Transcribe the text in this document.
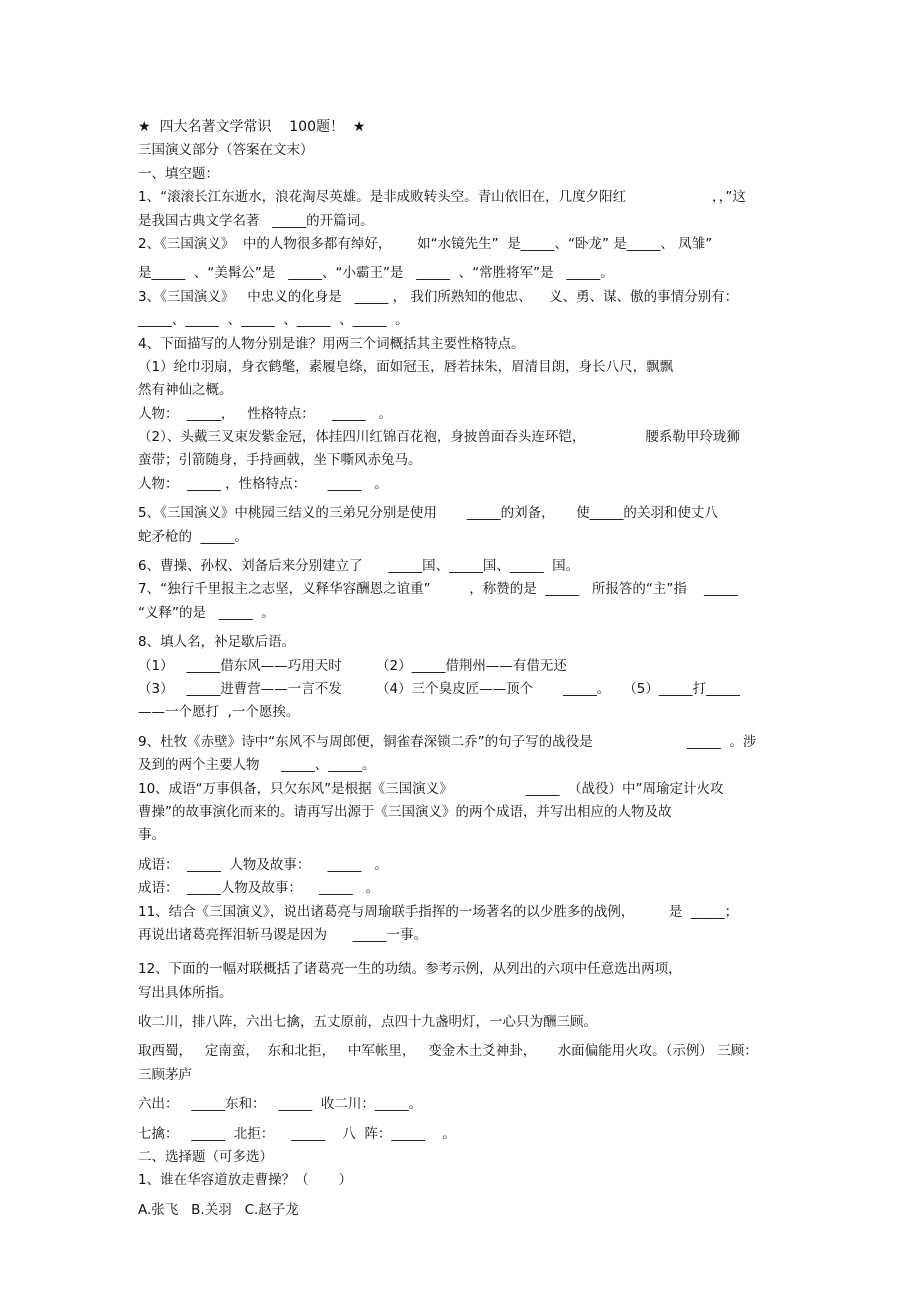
★  四大名著文学常识    100题！  ★
三国演义部分（答案在文末）
一、填空题：
1、“滚滚长江东逝水，浪花淘尽英雄。是非成败转头空。青山依旧在，几度夕阳红                    ，，”这
是我国古典文学名著   _____的开篇词。
2、《三国演义》  中的人物很多都有绰好，      如“水镜先生”  是_____、“卧龙” 是_____、 凤雏”
是_____  、“美髯公”是   _____、“小霸王”是   _____  、“常胜将军”是   _____。
3、《三国演义》   中忠义的化身是   _____ ， 我们所熟知的他忠、    义、勇、谋、傲的事情分别有：
_____、_____  、_____  、_____  、_____  。
4、下面描写的人物分别是谁？用两三个词概括其主要性格特点。
（1）纶巾羽扇，身衣鹤氅，素履皂绦，面如冠玉，唇若抹朱，眉清目朗，身长八尺，飘飘
然有神仙之概。
人物：  _____，   性格特点：    _____   。
（2）、头戴三叉束发紫金冠，体挂四川红锦百花袍，身披兽面吞头连环铠，              腰系勒甲玲珑狮
蛮带；引箭随身，手持画戟，坐下嘶风赤兔马。
人物：  _____ ，性格特点：     _____   。
5、《三国演义》中桃园三结义的三弟兄分别是使用       _____的刘备，     使_____的关羽和使丈八
蛇矛枪的  _____。
6、曹操、孙权、刘备后来分别建立了      _____国、_____国、_____  国。
7、“独行千里报主之志坚，义释华容酬恩之谊重”         ，称赞的是  _____   所报答的“主”指    _____
“义释”的是   _____  。
8、填人名，补足歇后语。
（1）   _____借东风——巧用天时        （2）_____借荆州——有借无还
（3）   _____进曹营——一言不发        （4）三个臭皮匠——顶个       _____。   （5）_____打_____
——一个愿打  ,一个愿挨。
9、杜牧《赤壁》诗中“东风不与周郎便，铜雀春深锁二乔”的句子写的战役是                      _____  。涉
及到的两个主要人物     _____、_____。
10、成语“万事俱备，只欠东风”是根据《三国演义》                 _____  （战役）中”周瑜定计火攻
曹操”的故事演化而来的。请再写出源于《三国演义》的两个成语，并写出相应的人物及故
事。
成语：  _____  人物及故事：    _____   。
成语：  _____人物及故事：    _____   。
11、结合《三国演义》，说出诸葛亮与周瑜联手指挥的一场著名的以少胜多的战例，        是  _____；
再说出诸葛亮挥泪斩马谡是因为      _____一事。
12、下面的一幅对联概括了诸葛亮一生的功绩。参考示例，从列出的六项中任意选出两项，
写出具体所指。
收二川，排八阵，六出七擒，五丈原前，点四十九盏明灯，一心只为酬三顾。
取西蜀，   定南蛮，  东和北拒，   中军帐里，   变金木土爻神卦，     水面偏能用火攻。（示例） 三顾：
三顾茅庐
六出：   _____东和：   _____  收二川：_____。
七擒：   _____  北拒：    _____    八  阵：_____    。
二、选择题（可多选）
1、谁在华容道放走曹操？（       ）
A.张飞   B.关羽   C.赵子龙
